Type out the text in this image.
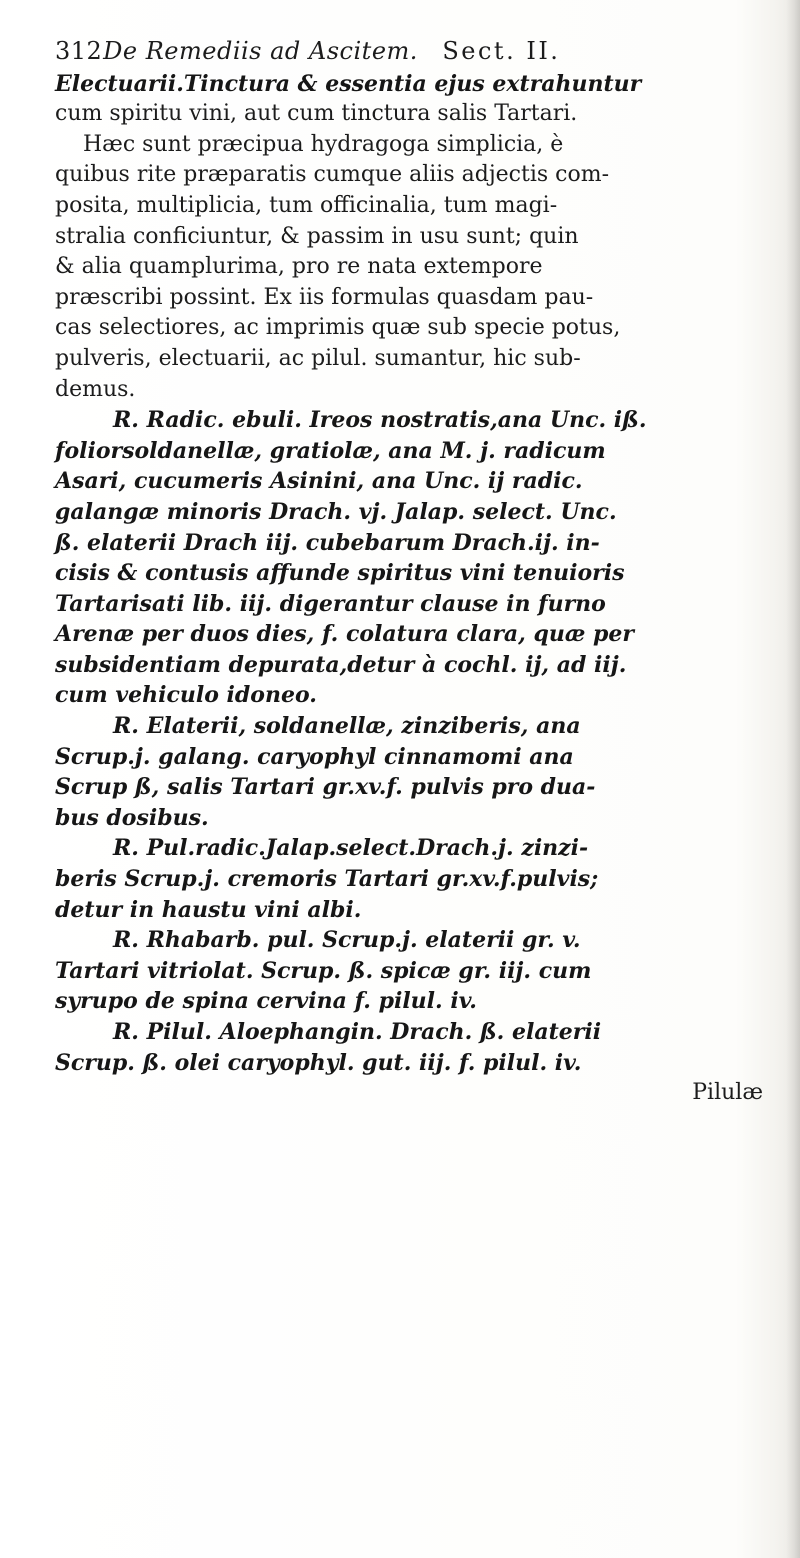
312 De Remediis ad Ascitem. Sect. II.
Electuarii.Tinctura & essentia ejus extrahuntur
cum spiritu vini, aut cum tinctura salis Tartari.
Hæc sunt præcipua hydragoga simplicia, è
quibus rite præparatis cumque aliis adjectis com-
posita, multiplicia, tum officinalia, tum magi-
stralia conficiuntur, & passim in usu sunt; quin
& alia quamplurima, pro re nata extempore
præscribi possint. Ex iis formulas quasdam pau-
cas selectiores, ac imprimis quæ sub specie potus,
pulveris, electuarii, ac pilul. sumantur, hic sub-
demus.
R. Radic. ebuli. Ireos nostratis,ana Unc. iß.
foliorsoldanellæ, gratiolæ, ana M. j. radicum
Asari, cucumeris Asinini, ana Unc. ij radic.
galangæ minoris Drach. vj. Jalap. select. Unc.
ß. elaterii Drach iij. cubebarum Drach.ij. in-
cisis & contusis affunde spiritus vini tenuioris
Tartarisati lib. iij. digerantur clause in furno
Arenæ per duos dies, f. colatura clara, quæ per
subsidentiam depurata,detur à cochl. ij, ad iij.
cum vehiculo idoneo.
R. Elaterii, soldanellæ, zinziberis, ana
Scrup.j. galang. caryophyl cinnamomi ana
Scrup ß, salis Tartari gr.xv.f. pulvis pro dua-
bus dosibus.
R. Pul.radic.Jalap.select.Drach.j. zinzi-
beris Scrup.j. cremoris Tartari gr.xv.f.pulvis;
detur in haustu vini albi.
R. Rhabarb. pul. Scrup.j. elaterii gr. v.
Tartari vitriolat. Scrup. ß. spicæ gr. iij. cum
syrupo de spina cervina f. pilul. iv.
R. Pilul. Aloephangin. Drach. ß. elaterii
Scrup. ß. olei caryophyl. gut. iij. f. pilul. iv.
Pilulæ
